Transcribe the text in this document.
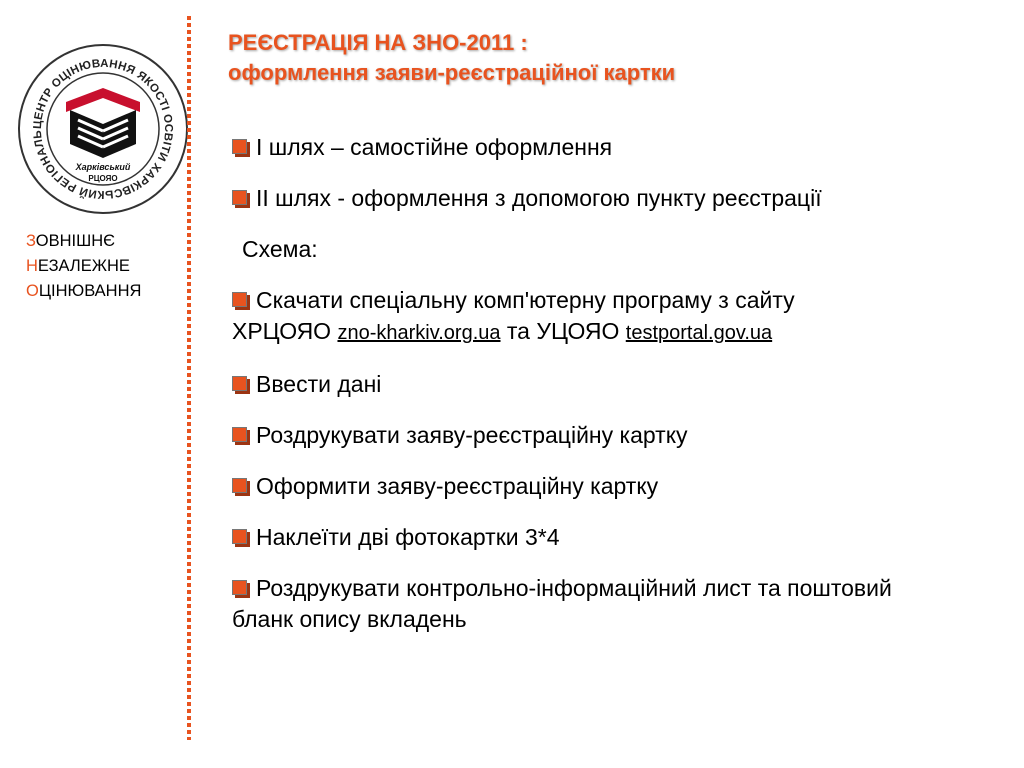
ЦЕНТР ОЦІНЮВАННЯ ЯКОСТІ ОСВІТИ ХАРКІВСЬКИЙ РЕГІОНАЛЬ
Харківський
РЦОЯО
ЗОВНІШНЄ
НЕЗАЛЕЖНЕ
ОЦІНЮВАННЯ
РЕЄСТРАЦІЯ НА ЗНО-2011 :
оформлення заяви-реєстраційної картки

І шлях – самостійне оформлення

ІІ шлях - оформлення з допомогою пункту реєстрації

Схема:

Скачати спеціальну комп'ютерну програму з сайту ХРЦОЯО zno-kharkiv.org.ua та УЦОЯО testportal.gov.ua

Ввести дані

Роздрукувати заяву-реєстраційну картку

Оформити заяву-реєстраційну картку

Наклеїти дві фотокартки 3*4

Роздрукувати контрольно-інформаційний лист та поштовий бланк опису вкладень
